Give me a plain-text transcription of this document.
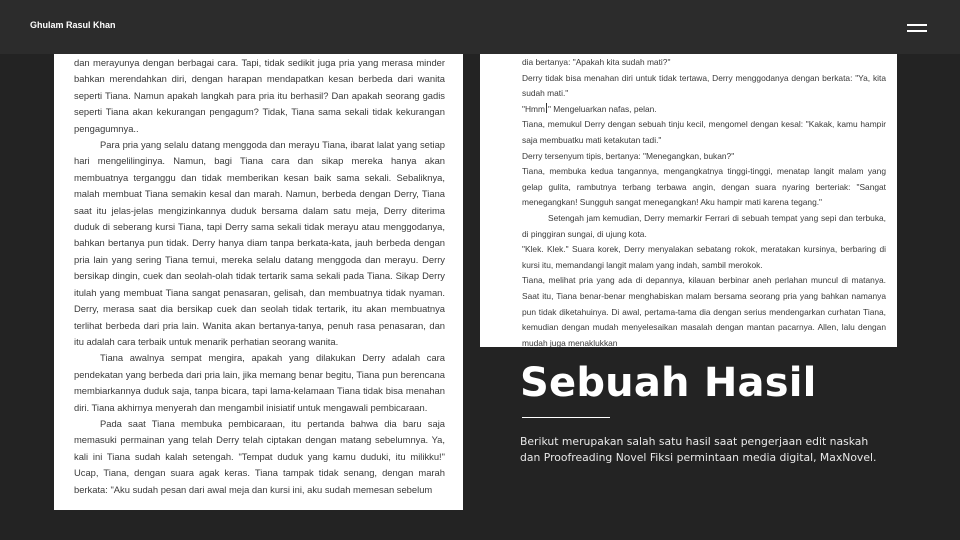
Ghulam Rasul Khan

dan merayunya dengan berbagai cara. Tapi, tidak sedikit juga pria yang merasa minder bahkan merendahkan diri, dengan harapan mendapatkan kesan berbeda dari wanita seperti Tiana. Namun apakah langkah para pria itu berhasil? Dan apakah seorang gadis seperti Tiana akan kekurangan pengagum? Tidak, Tiana sama sekali tidak kekurangan pengagumnya..

Para pria yang selalu datang menggoda dan merayu Tiana, ibarat lalat yang setiap hari mengelilinginya. Namun, bagi Tiana cara dan sikap mereka hanya akan membuatnya terganggu dan tidak memberikan kesan baik sama sekali. Sebaliknya, malah membuat Tiana semakin kesal dan marah. Namun, berbeda dengan Derry, Tiana saat itu jelas-jelas mengizinkannya duduk bersama dalam satu meja, Derry diterima duduk di seberang kursi Tiana, tapi Derry sama sekali tidak merayu atau menggodanya, bahkan bertanya pun tidak. Derry hanya diam tanpa berkata-kata, jauh berbeda dengan pria lain yang sering Tiana temui, mereka selalu datang menggoda dan merayu. Derry bersikap dingin, cuek dan seolah-olah tidak tertarik sama sekali pada Tiana. Sikap Derry itulah yang membuat Tiana sangat penasaran, gelisah, dan membuatnya tidak nyaman. Derry, merasa saat dia bersikap cuek dan seolah tidak tertarik, itu akan membuatnya terlihat berbeda dari pria lain. Wanita akan bertanya-tanya, penuh rasa penasaran, dan itu adalah cara terbaik untuk menarik perhatian seorang wanita.

Tiana awalnya sempat mengira, apakah yang dilakukan Derry adalah cara pendekatan yang berbeda dari pria lain, jika memang benar begitu, Tiana pun berencana membiarkannya duduk saja, tanpa bicara, tapi lama-kelamaan Tiana tidak bisa menahan diri. Tiana akhirnya menyerah dan mengambil inisiatif untuk mengawali pembicaraan.

Pada saat Tiana membuka pembicaraan, itu pertanda bahwa dia baru saja memasuki permainan yang telah Derry telah ciptakan dengan matang sebelumnya. Ya, kali ini Tiana sudah kalah setengah. "Tempat duduk yang kamu duduki, itu milikku!" Ucap, Tiana, dengan suara agak keras. Tiana tampak tidak senang, dengan marah berkata: "Aku sudah pesan dari awal meja dan kursi ini, aku sudah memesan sebelum

dia bertanya: "Apakah kita sudah mati?"

Derry tidak bisa menahan diri untuk tidak tertawa, Derry menggodanya dengan berkata: "Ya, kita sudah mati."

"Hmm " Mengeluarkan nafas, pelan.

Tiana, memukul Derry dengan sebuah tinju kecil, mengomel dengan kesal: "Kakak, kamu hampir saja membuatku mati ketakutan tadi."

Derry tersenyum tipis, bertanya: "Menegangkan, bukan?"

Tiana, membuka kedua tangannya, mengangkatnya tinggi-tinggi, menatap langit malam yang gelap gulita, rambutnya terbang terbawa angin, dengan suara nyaring berteriak: "Sangat menegangkan! Sungguh sangat menegangkan! Aku hampir mati karena tegang."

Setengah jam kemudian, Derry memarkir Ferrari di sebuah tempat yang sepi dan terbuka, di pinggiran sungai, di ujung kota.

"Klek. Klek." Suara korek, Derry menyalakan sebatang rokok, meratakan kursinya, berbaring di kursi itu, memandangi langit malam yang indah, sambil merokok.

Tiana, melihat pria yang ada di depannya, kilauan berbinar aneh perlahan muncul di matanya. Saat itu, Tiana benar-benar menghabiskan malam bersama seorang pria yang bahkan namanya pun tidak diketahuinya. Di awal, pertama-tama dia dengan serius mendengarkan curhatan Tiana, kemudian dengan mudah menyelesaikan masalah dengan mantan pacarnya. Allen, lalu dengan mudah juga menaklukkan

Sebuah Hasil

Berikut merupakan salah satu hasil saat pengerjaan edit naskah dan Proofreading Novel Fiksi permintaan media digital, MaxNovel.
